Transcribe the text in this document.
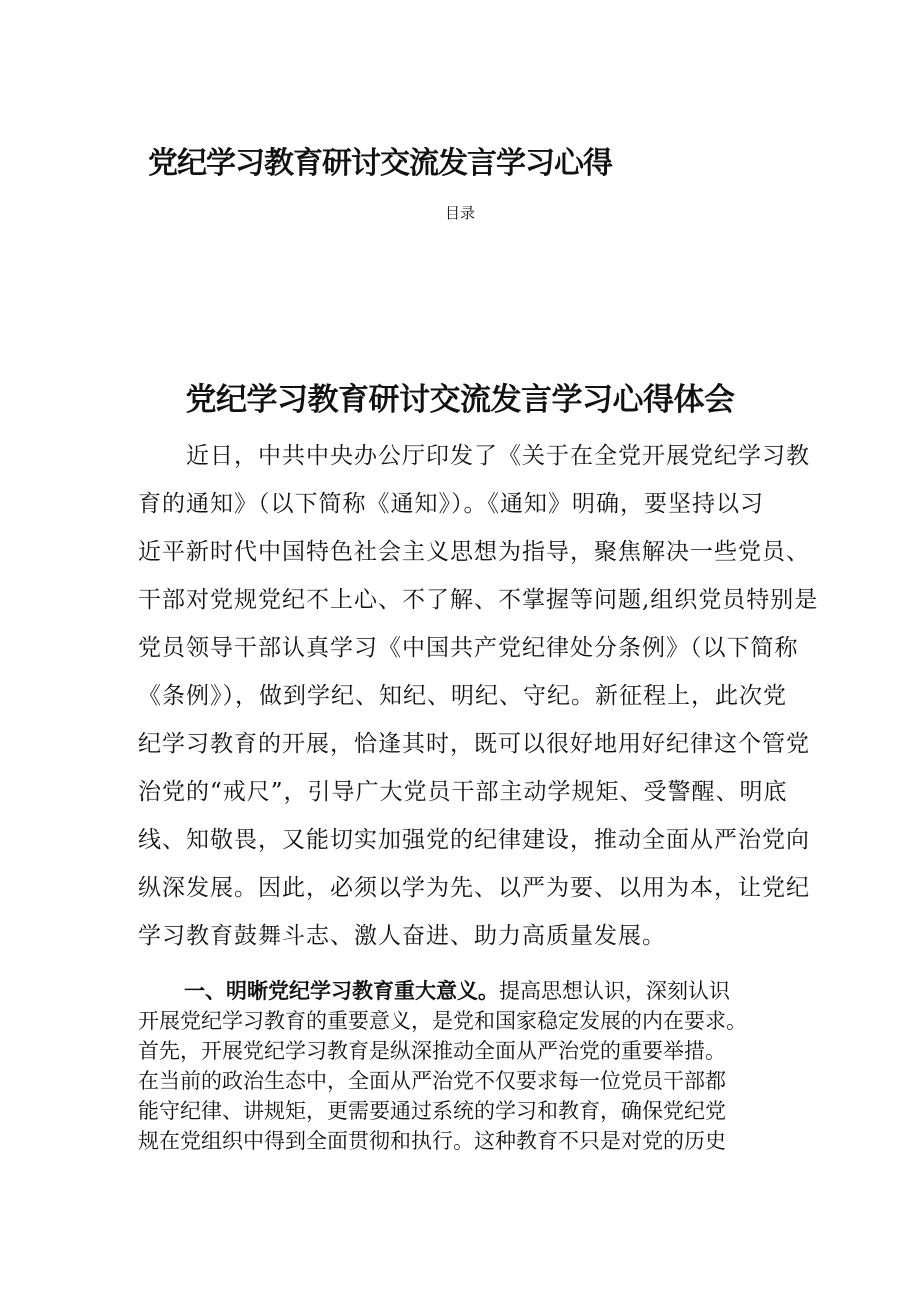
党纪学习教育研讨交流发言学习心得

目录

党纪学习教育研讨交流发言学习心得体会
近日，中共中央办公厅印发了《关于在全党开展党纪学习教
育的通知》（以下简称《通知》）。《通知》明确，要坚持以习
近平新时代中国特色社会主义思想为指导，聚焦解决一些党员、
干部对党规党纪不上心、不了解、不掌握等问题,组织党员特别是
党员领导干部认真学习《中国共产党纪律处分条例》（以下简称
《条例》），做到学纪、知纪、明纪、守纪。新征程上，此次党
纪学习教育的开展，恰逢其时，既可以很好地用好纪律这个管党
治党的“戒尺”，引导广大党员干部主动学规矩、受警醒、明底
线、知敬畏，又能切实加强党的纪律建设，推动全面从严治党向
纵深发展。因此，必须以学为先、以严为要、以用为本，让党纪
学习教育鼓舞斗志、激人奋进、助力高质量发展。
一、明晰党纪学习教育重大意义。提高思想认识，深刻认识
开展党纪学习教育的重要意义，是党和国家稳定发展的内在要求。
首先，开展党纪学习教育是纵深推动全面从严治党的重要举措。
在当前的政治生态中，全面从严治党不仅要求每一位党员干部都
能守纪律、讲规矩，更需要通过系统的学习和教育，确保党纪党
规在党组织中得到全面贯彻和执行。这种教育不只是对党的历史
